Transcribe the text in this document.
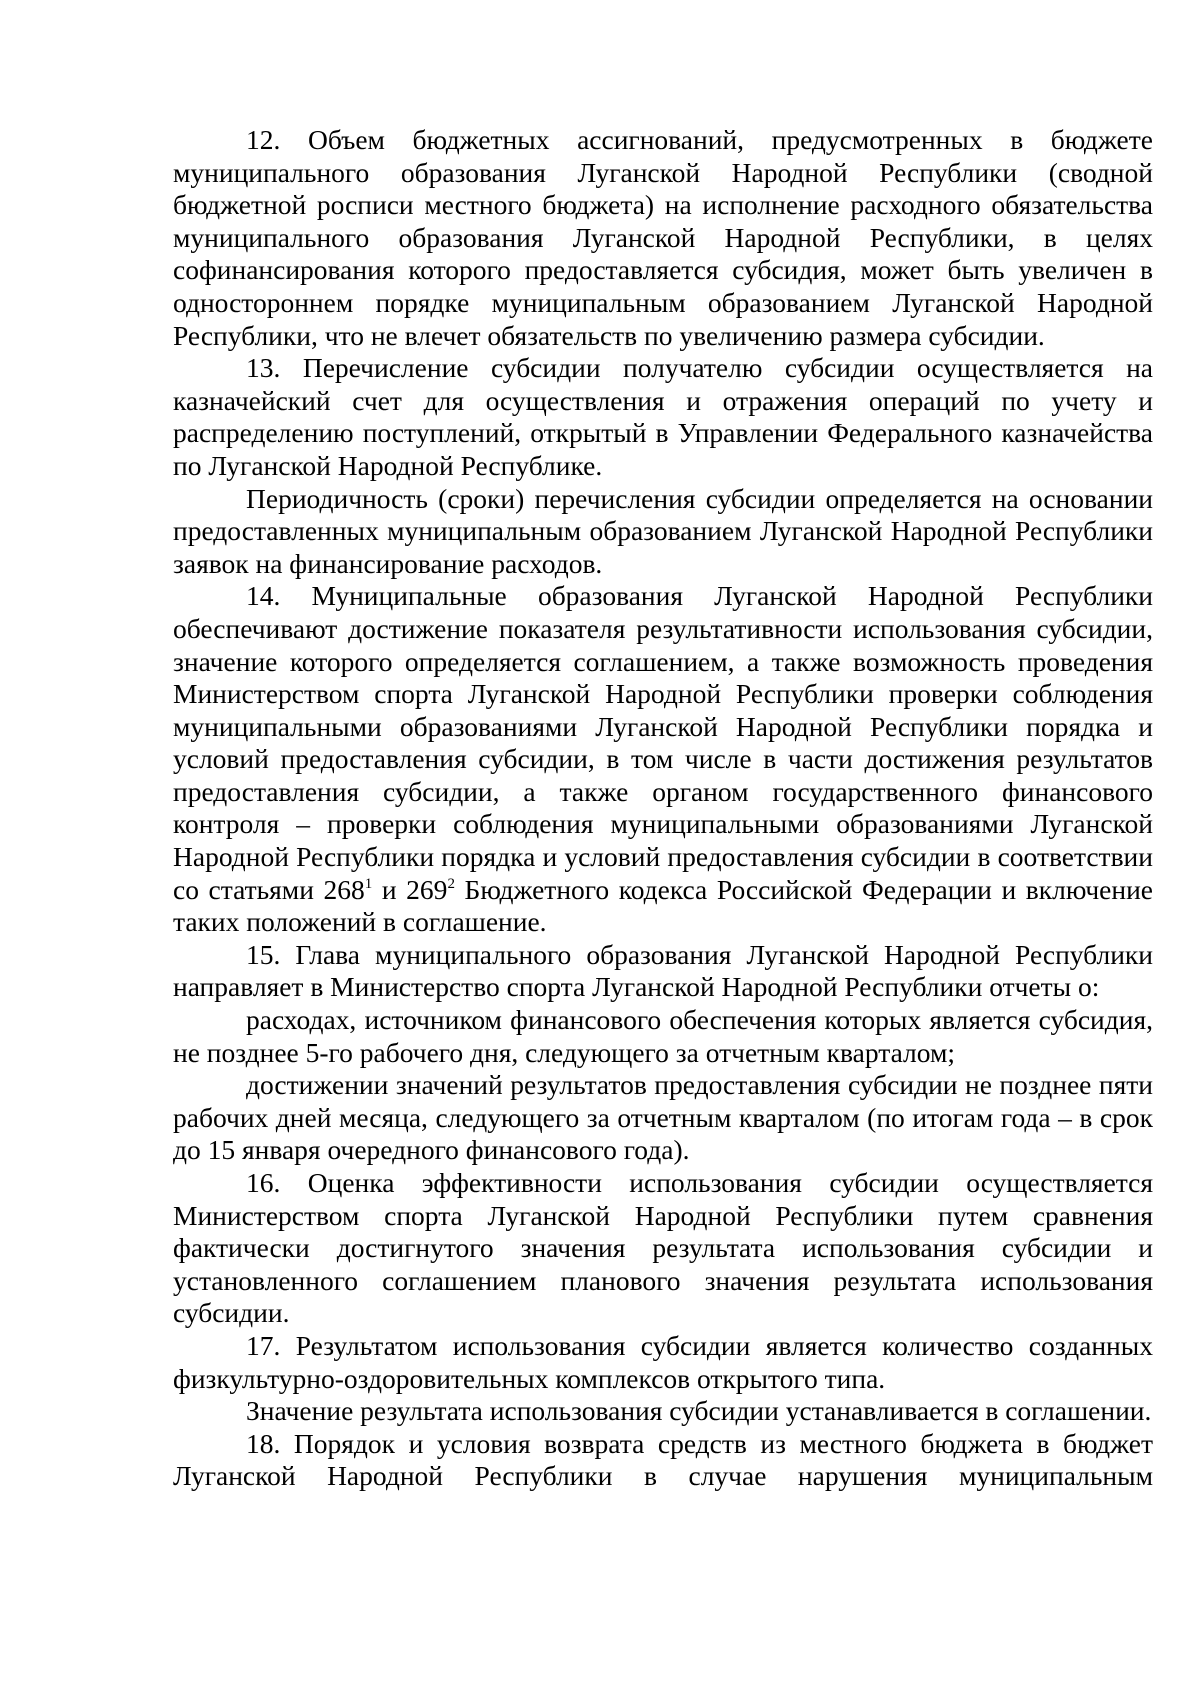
12. Объем бюджетных ассигнований, предусмотренных в бюджете муниципального образования Луганской Народной Республики (сводной бюджетной росписи местного бюджета) на исполнение расходного обязательства муниципального образования Луганской Народной Республики, в целях софинансирования которого предоставляется субсидия, может быть увеличен в одностороннем порядке муниципальным образованием Луганской Народной Республики, что не влечет обязательств по увеличению размера субсидии.

13. Перечисление субсидии получателю субсидии осуществляется на казначейский счет для осуществления и отражения операций по учету и распределению поступлений, открытый в Управлении Федерального казначейства по Луганской Народной Республике.

Периодичность (сроки) перечисления субсидии определяется на основании предоставленных муниципальным образованием Луганской Народной Республики заявок на финансирование расходов.

14. Муниципальные образования Луганской Народной Республики обеспечивают достижение показателя результативности использования субсидии, значение которого определяется соглашением, а также возможность проведения Министерством спорта Луганской Народной Республики проверки соблюдения муниципальными образованиями Луганской Народной Республики порядка и условий предоставления субсидии, в том числе в части достижения результатов предоставления субсидии, а также органом государственного финансового контроля – проверки соблюдения муниципальными образованиями Луганской Народной Республики порядка и условий предоставления субсидии в соответствии со статьями $268^1$ и $269^2$ Бюджетного кодекса Российской Федерации и включение таких положений в соглашение.

15. Глава муниципального образования Луганской Народной Республики направляет в Министерство спорта Луганской Народной Республики отчеты о:

расходах, источником финансового обеспечения которых является субсидия, не позднее 5-го рабочего дня, следующего за отчетным кварталом;

достижении значений результатов предоставления субсидии не позднее пяти рабочих дней месяца, следующего за отчетным кварталом (по итогам года – в срок до 15 января очередного финансового года).

16. Оценка эффективности использования субсидии осуществляется Министерством спорта Луганской Народной Республики путем сравнения фактически достигнутого значения результата использования субсидии и установленного соглашением планового значения результата использования субсидии.

17. Результатом использования субсидии является количество созданных физкультурно-оздоровительных комплексов открытого типа.

Значение результата использования субсидии устанавливается в соглашении.

18. Порядок и условия возврата средств из местного бюджета в бюджет Луганской Народной Республики в случае нарушения муниципальным
